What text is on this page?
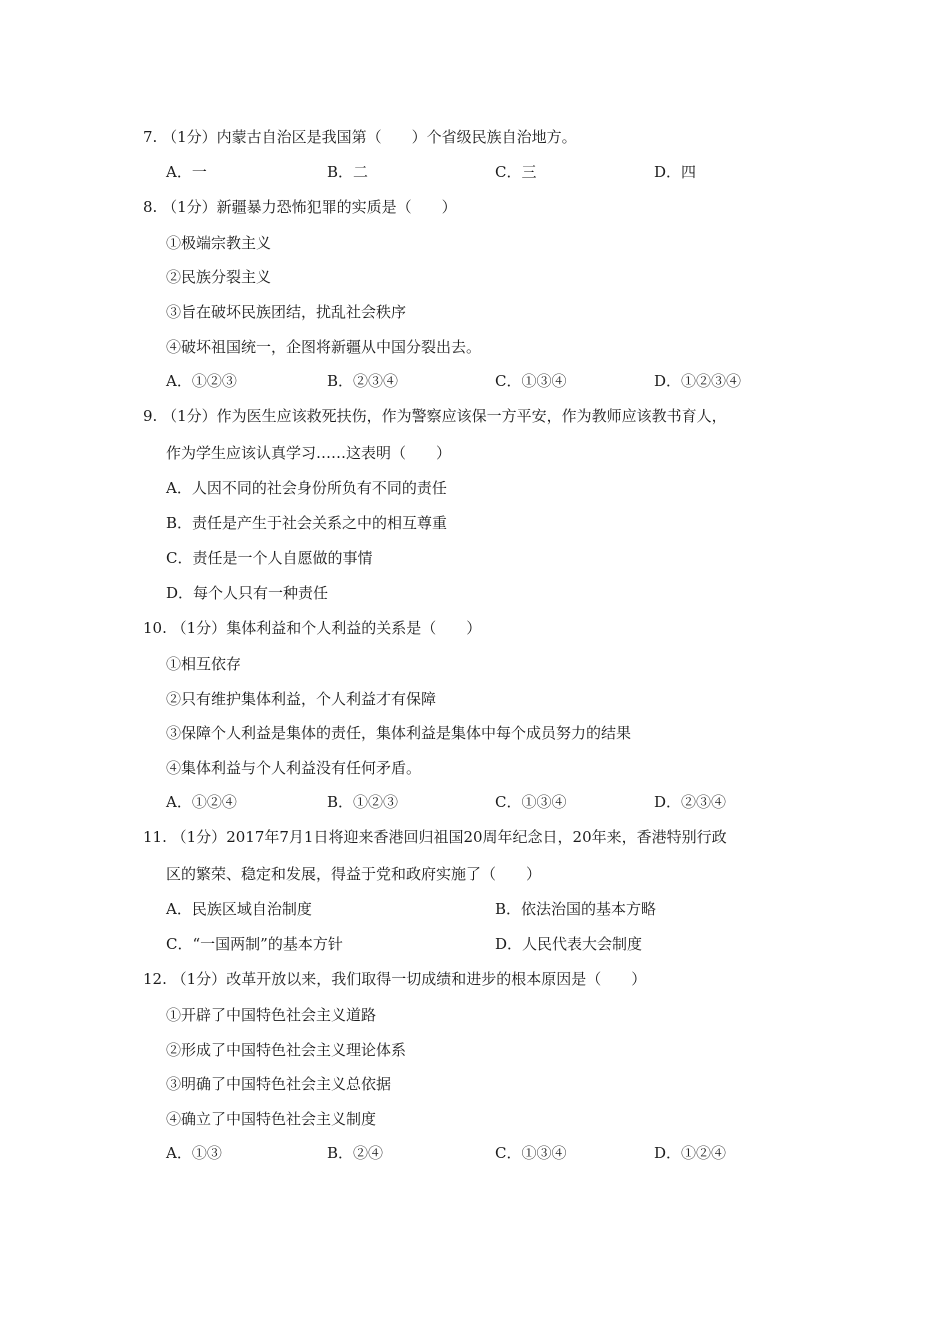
7. （1分）内蒙古自治区是我国第（　　）个省级民族自治地方。
A．一	B．二	C．三	D．四
8. （1分）新疆暴力恐怖犯罪的实质是（　　）
①极端宗教主义
②民族分裂主义
③旨在破坏民族团结，扰乱社会秩序
④破坏祖国统一，企图将新疆从中国分裂出去。
A．①②③	B．②③④	C．①③④	D．①②③④
9. （1分）作为医生应该救死扶伤，作为警察应该保一方平安，作为教师应该教书育人，
作为学生应该认真学习……这表明（　　）
A．人因不同的社会身份所负有不同的责任
B．责任是产生于社会关系之中的相互尊重
C．责任是一个人自愿做的事情
D．每个人只有一种责任
10. （1分）集体利益和个人利益的关系是（　　）
①相互依存
②只有维护集体利益，个人利益才有保障
③保障个人利益是集体的责任，集体利益是集体中每个成员努力的结果
④集体利益与个人利益没有任何矛盾。
A．①②④	B．①②③	C．①③④	D．②③④
11. （1分）2017年7月1日将迎来香港回归祖国20周年纪念日，20年来，香港特别行政
区的繁荣、稳定和发展，得益于党和政府实施了（　　）
A．民族区域自治制度	B．依法治国的基本方略
C．“一国两制”的基本方针	D．人民代表大会制度
12. （1分）改革开放以来，我们取得一切成绩和进步的根本原因是（　　）
①开辟了中国特色社会主义道路
②形成了中国特色社会主义理论体系
③明确了中国特色社会主义总依据
④确立了中国特色社会主义制度
A．①③	B．②④	C．①③④	D．①②④
